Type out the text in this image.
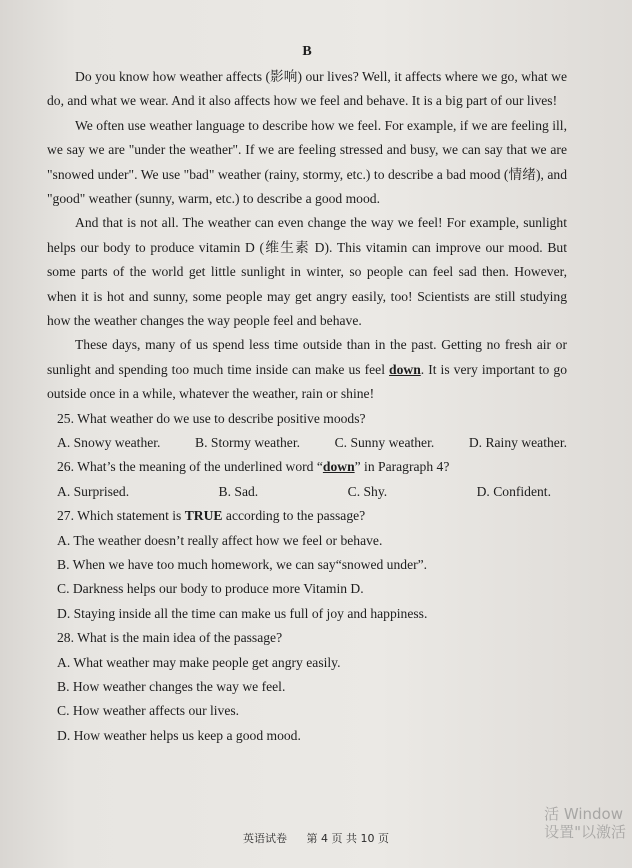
B

Do you know how weather affects (影响) our lives? Well, it affects where we go, what we do, and what we wear. And it also affects how we feel and behave. It is a big part of our lives!

We often use weather language to describe how we feel. For example, if we are feeling ill, we say we are "under the weather". If we are feeling stressed and busy, we can say that we are "snowed under". We use "bad" weather (rainy, stormy, etc.) to describe a bad mood (情绪), and "good" weather (sunny, warm, etc.) to describe a good mood.

And that is not all. The weather can even change the way we feel! For example, sunlight helps our body to produce vitamin D (维生素 D). This vitamin can improve our mood. But some parts of the world get little sunlight in winter, so people can feel sad then. However, when it is hot and sunny, some people may get angry easily, too! Scientists are still studying how the weather changes the way people feel and behave.

These days, many of us spend less time outside than in the past. Getting no fresh air or sunlight and spending too much time inside can make us feel down. It is very important to go outside once in a while, whatever the weather, rain or shine!

25. What weather do we use to describe positive moods?

A. Snowy weather.	B. Stormy weather.	C. Sunny weather.	D. Rainy weather.

26. What’s the meaning of the underlined word “down” in Paragraph 4?

A. Surprised.	B. Sad.	C. Shy.	D. Confident.

27. Which statement is TRUE according to the passage?

A. The weather doesn’t really affect how we feel or behave.

B. When we have too much homework, we can say“snowed under”.

C. Darkness helps our body to produce more Vitamin D.

D. Staying inside all the time can make us full of joy and happiness.

28. What is the main idea of the passage?

A. What weather may make people get angry easily.

B. How weather changes the way we feel.

C. How weather affects our lives.

D. How weather helps us keep a good mood.

英语试卷 第 4 页 共 10 页
活 Window
设置"以激活
